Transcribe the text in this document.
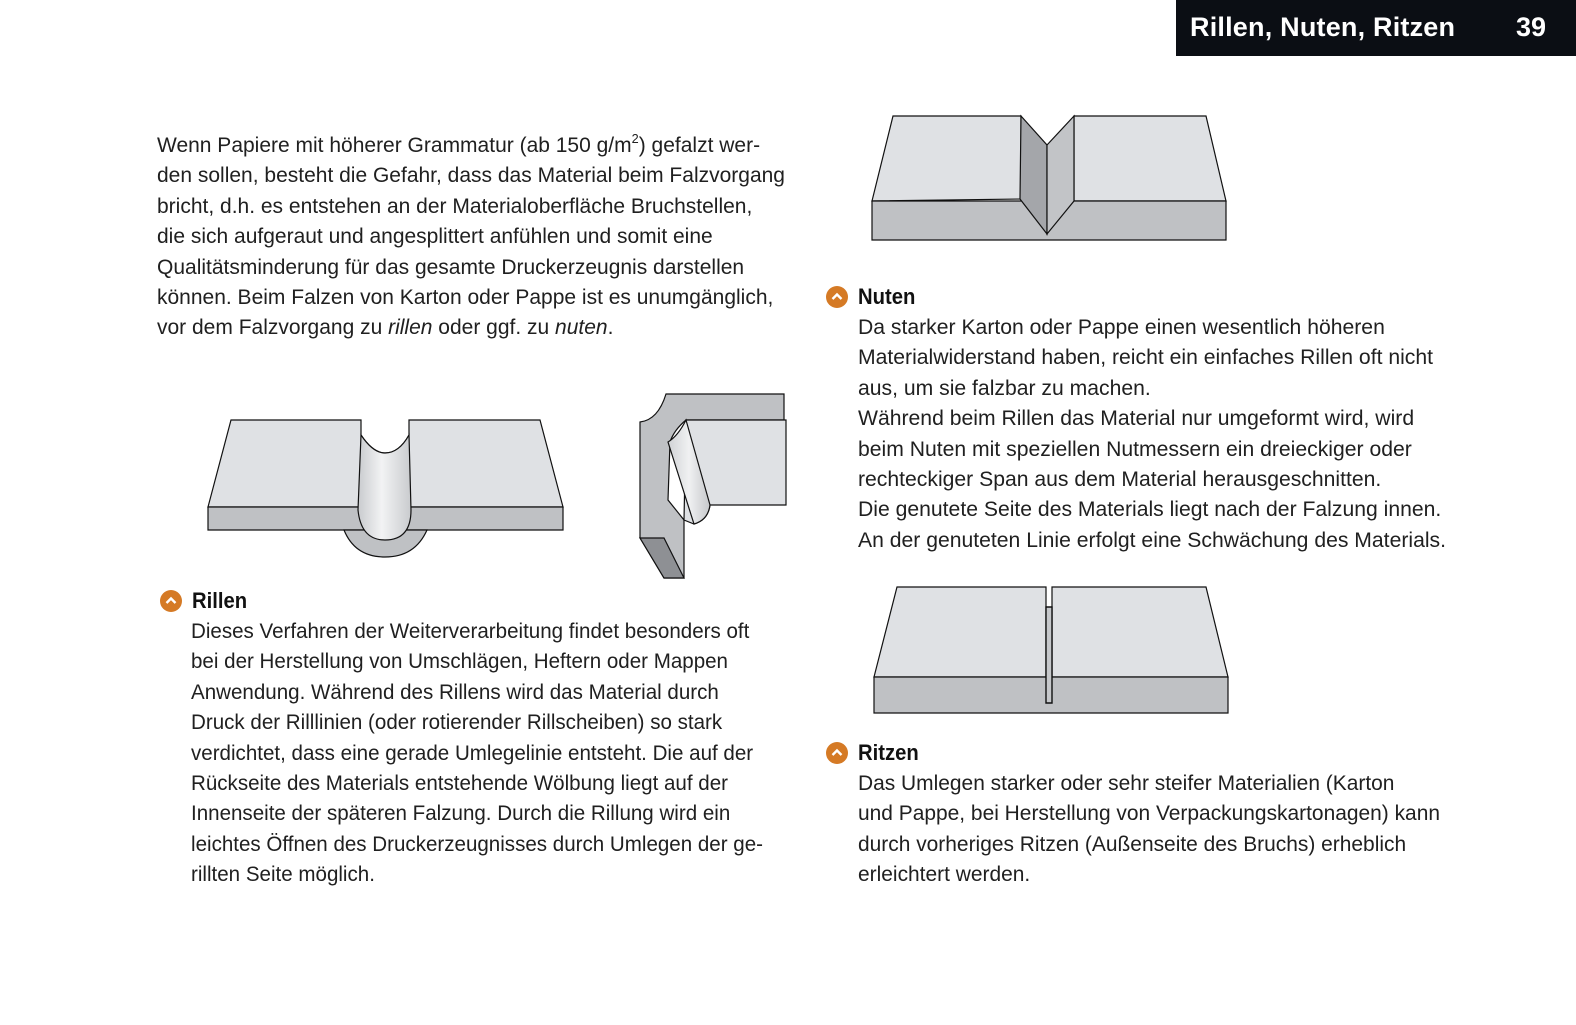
Rillen, Nuten, Ritzen 39
Wenn Papiere mit höherer Grammatur (ab 150 $g/m^2$) gefalzt wer-
den sollen, besteht die Gefahr, dass das Material beim Falzvorgang
bricht, d.h. es entstehen an der Materialoberfläche Bruchstellen,
die sich aufgeraut und angesplittert anfühlen und somit eine
Qualitätsminderung für das gesamte Druckerzeugnis darstellen
können. Beim Falzen von Karton oder Pappe ist es unumgänglich,
vor dem Falzvorgang zu rillen oder ggf. zu nuten.
Rillen
Dieses Verfahren der Weiterverarbeitung findet besonders oft
bei der Herstellung von Umschlägen, Heftern oder Mappen
Anwendung. Während des Rillens wird das Material durch
Druck der Rilllinien (oder rotierender Rillscheiben) so stark
verdichtet, dass eine gerade Umlegelinie entsteht. Die auf der
Rückseite des Materials entstehende Wölbung liegt auf der
Innenseite der späteren Falzung. Durch die Rillung wird ein
leichtes Öffnen des Druckerzeugnisses durch Umlegen der ge-
rillten Seite möglich.
Nuten
Da starker Karton oder Pappe einen wesentlich höheren
Materialwiderstand haben, reicht ein einfaches Rillen oft nicht
aus, um sie falzbar zu machen.
Während beim Rillen das Material nur umgeformt wird, wird
beim Nuten mit speziellen Nutmessern ein dreieckiger oder
rechteckiger Span aus dem Material herausgeschnitten.
Die genutete Seite des Materials liegt nach der Falzung innen.
An der genuteten Linie erfolgt eine Schwächung des Materials.
Ritzen
Das Umlegen starker oder sehr steifer Materialien (Karton
und Pappe, bei Herstellung von Verpackungskartonagen) kann
durch vorheriges Ritzen (Außenseite des Bruchs) erheblich
erleichtert werden.
